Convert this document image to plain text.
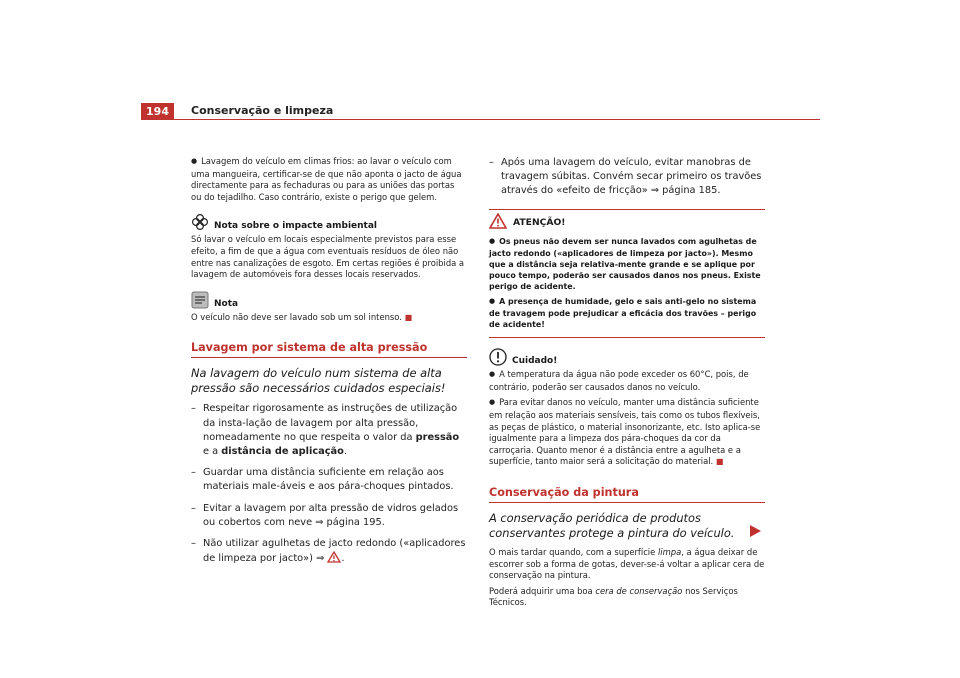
194	Conservação e limpeza

● Lavagem do veículo em climas frios: ao lavar o veículo com uma mangueira, certificar-se de que não aponta o jacto de água directamente para as fechaduras ou para as uniões das portas ou do tejadilho. Caso contrário, existe o perigo que gelem.

Nota sobre o impacte ambiental

Só lavar o veículo em locais especialmente previstos para esse efeito, a fim de que a água com eventuais resíduos de óleo não entre nas canalizações de esgoto. Em certas regiões é proibida a lavagem de automóveis fora desses locais reservados.

Nota

O veículo não deve ser lavado sob um sol intenso. ■

Lavagem por sistema de alta pressão
Na lavagem do veículo num sistema de alta pressão são necessários cuidados especiais!
– Respeitar rigorosamente as instruções de utilização da insta-lação de lavagem por alta pressão, nomeadamente no que respeita o valor da pressão e a distância de aplicação.
– Guardar uma distância suficiente em relação aos materiais male-áveis e aos pára-choques pintados.
– Evitar a lavagem por alta pressão de vidros gelados ou cobertos com neve ⇒ página 195.
– Não utilizar agulhetas de jacto redondo («aplicadores de limpeza por jacto») ⇒ .
– Após uma lavagem do veículo, evitar manobras de travagem súbitas. Convém secar primeiro os travões através do «efeito de fricção» ⇒ página 185.
ATENÇÃO!

● Os pneus não devem ser nunca lavados com agulhetas de jacto redondo («aplicadores de limpeza por jacto»). Mesmo que a distância seja relativa-mente grande e se aplique por pouco tempo, poderão ser causados danos nos pneus. Existe perigo de acidente.

● A presença de humidade, gelo e sais anti-gelo no sistema de travagem pode prejudicar a eficácia dos travões – perigo de acidente!

Cuidado!

● A temperatura da água não pode exceder os 60°C, pois, de contrário, poderão ser causados danos no veículo.

● Para evitar danos no veículo, manter uma distância suficiente em relação aos materiais sensíveis, tais como os tubos flexíveis, as peças de plástico, o material insonorizante, etc. Isto aplica-se igualmente para a limpeza dos pára-choques da cor da carroçaria. Quanto menor é a distância entre a agulheta e a superfície, tanto maior será a solicitação do material. ■

Conservação da pintura
A conservação periódica de produtos conservantes protege a pintura do veículo.

O mais tardar quando, com a superfície limpa, a água deixar de escorrer sob a forma de gotas, dever-se-á voltar a aplicar cera de conservação na pintura.

Poderá adquirir uma boa cera de conservação nos Serviços Técnicos.
